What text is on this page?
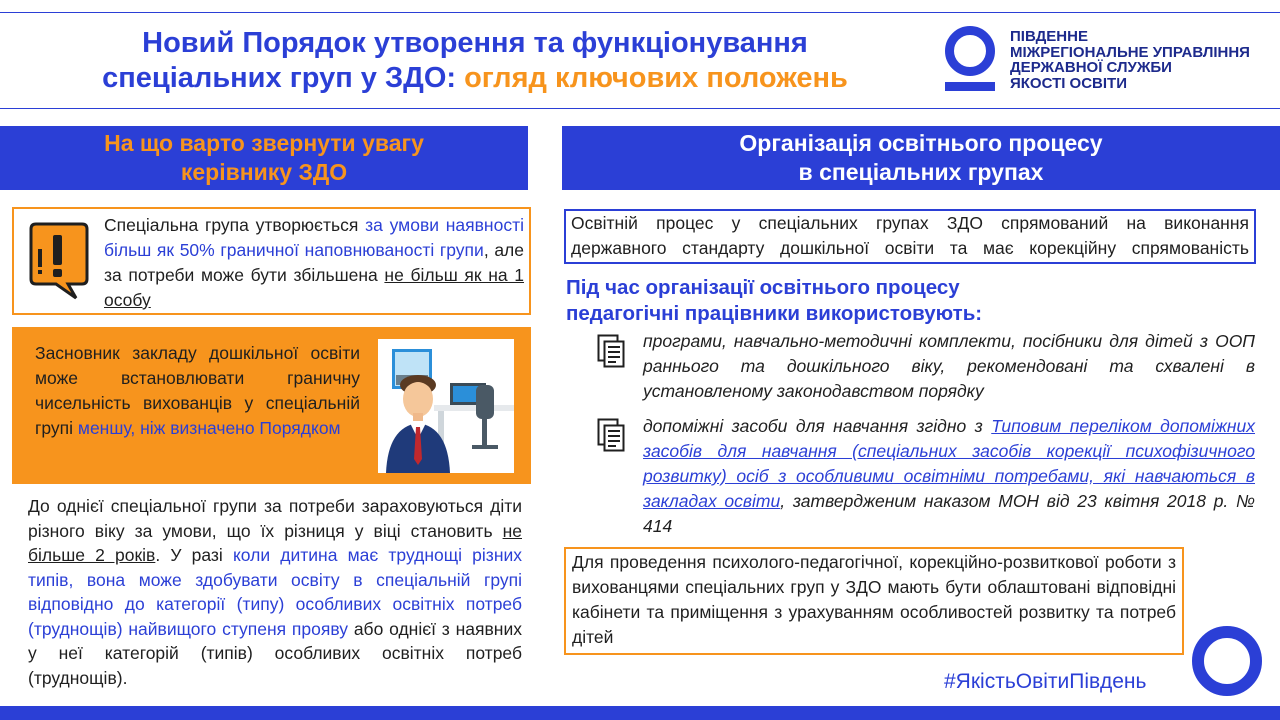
Новий Порядок утворення та функціонування
спеціальних груп у ЗДО: огляд ключових положень
ПІВДЕННЕ
МІЖРЕГІОНАЛЬНЕ УПРАВЛІННЯ
ДЕРЖАВНОЇ СЛУЖБИ
ЯКОСТІ ОСВІТИ
На що варто звернути увагу
керівнику ЗДО
Спеціальна група утворюється за умови наявності більш як 50% граничної наповнюваності групи, але за потреби може бути збільшена не більш як на 1 особу
Засновник закладу дошкільної освіти може встановлювати граничну чисельність вихованців у спеціальній групі меншу, ніж визначено Порядком
До однієї спеціальної групи за потреби зараховуються діти різного віку за умови, що їх різниця у віці становить не більше 2 років. У разі коли дитина має труднощі різних типів, вона може здобувати освіту в спеціальній групі відповідно до категорії (типу) особливих освітніх потреб (труднощів) найвищого ступеня прояву або однієї з наявних у неї категорій (типів) особливих освітніх потреб (труднощів).
Організація освітнього процесу
в спеціальних групах
Освітній процес у спеціальних групах ЗДО спрямований на виконання
державного стандарту дошкільної освіти та має корекційну спрямованість
Під час організації освітнього процесу
педагогічні працівники використовують:
програми, навчально-методичні комплекти, посібники для дітей з ООП раннього та дошкільного віку, рекомендовані та схвалені в установленому законодавством порядку
допоміжні засоби для навчання згідно з Типовим переліком допоміжних засобів для навчання (спеціальних засобів корекції психофізичного розвитку) осіб з особливими освітніми потребами, які навчаються в закладах освіти, затвердженим наказом МОН від 23 квітня 2018 р. № 414
Для проведення психолого-педагогічної, корекційно-розвиткової роботи з вихованцями спеціальних груп у ЗДО мають бути облаштовані відповідні кабінети та приміщення з урахуванням особливостей розвитку та потреб дітей
#ЯкістьОвітиПівдень
